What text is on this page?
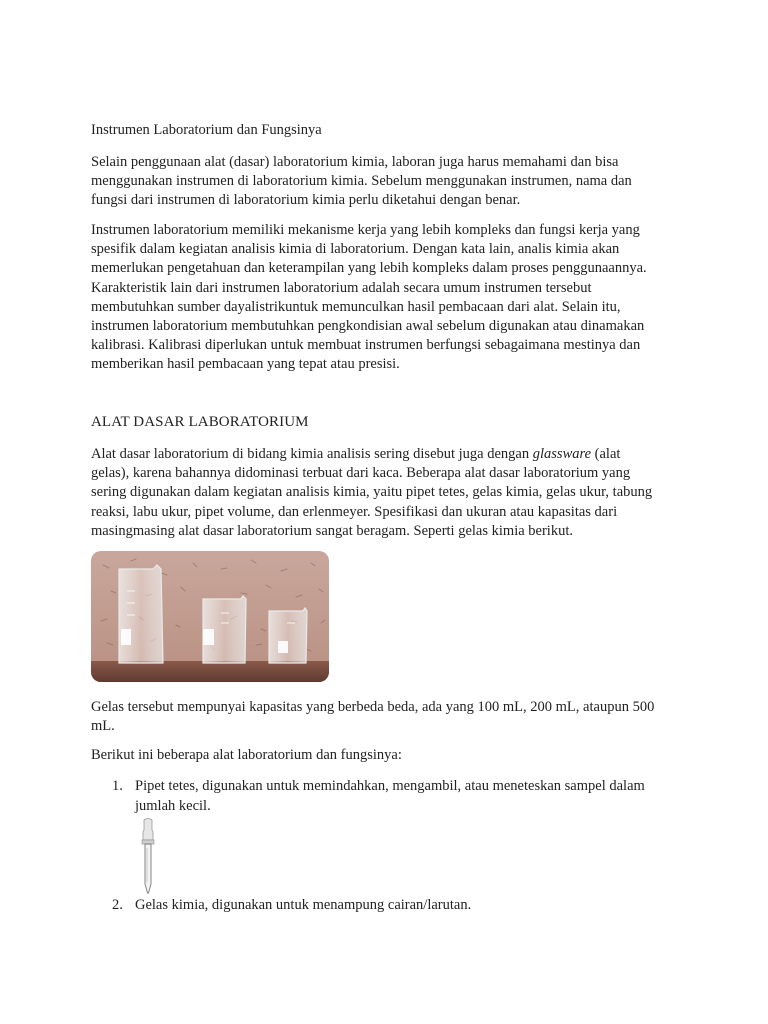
Instrumen Laboratorium dan Fungsinya

Selain penggunaan alat (dasar) laboratorium kimia, laboran juga harus memahami dan bisa
menggunakan instrumen di laboratorium kimia. Sebelum menggunakan instrumen, nama dan
fungsi dari instrumen di laboratorium kimia perlu diketahui dengan benar.

Instrumen laboratorium memiliki mekanisme kerja yang lebih kompleks dan fungsi kerja yang
spesifik dalam kegiatan analisis kimia di laboratorium. Dengan kata lain, analis kimia akan
memerlukan pengetahuan dan keterampilan yang lebih kompleks dalam proses penggunaannya.
Karakteristik lain dari instrumen laboratorium adalah secara umum instrumen tersebut
membutuhkan sumber dayalistrikuntuk memunculkan hasil pembacaan dari alat. Selain itu,
instrumen laboratorium membutuhkan pengkondisian awal sebelum digunakan atau dinamakan
kalibrasi. Kalibrasi diperlukan untuk membuat instrumen berfungsi sebagaimana mestinya dan
memberikan hasil pembacaan yang tepat atau presisi.

ALAT DASAR LABORATORIUM

Alat dasar laboratorium di bidang kimia analisis sering disebut juga dengan glassware (alat
gelas), karena bahannya didominasi terbuat dari kaca. Beberapa alat dasar laboratorium yang
sering digunakan dalam kegiatan analisis kimia, yaitu pipet tetes, gelas kimia, gelas ukur, tabung
reaksi, labu ukur, pipet volume, dan erlenmeyer. Spesifikasi dan ukuran atau kapasitas dari
masingmasing alat dasar laboratorium sangat beragam. Seperti gelas kimia berikut.

Gelas tersebut mempunyai kapasitas yang berbeda beda, ada yang 100 mL, 200 mL, ataupun 500
mL.

Berikut ini beberapa alat laboratorium dan fungsinya:

1. Pipet tetes, digunakan untuk memindahkan, mengambil, atau meneteskan sampel dalam
jumlah kecil.
2. Gelas kimia, digunakan untuk menampung cairan/larutan.
